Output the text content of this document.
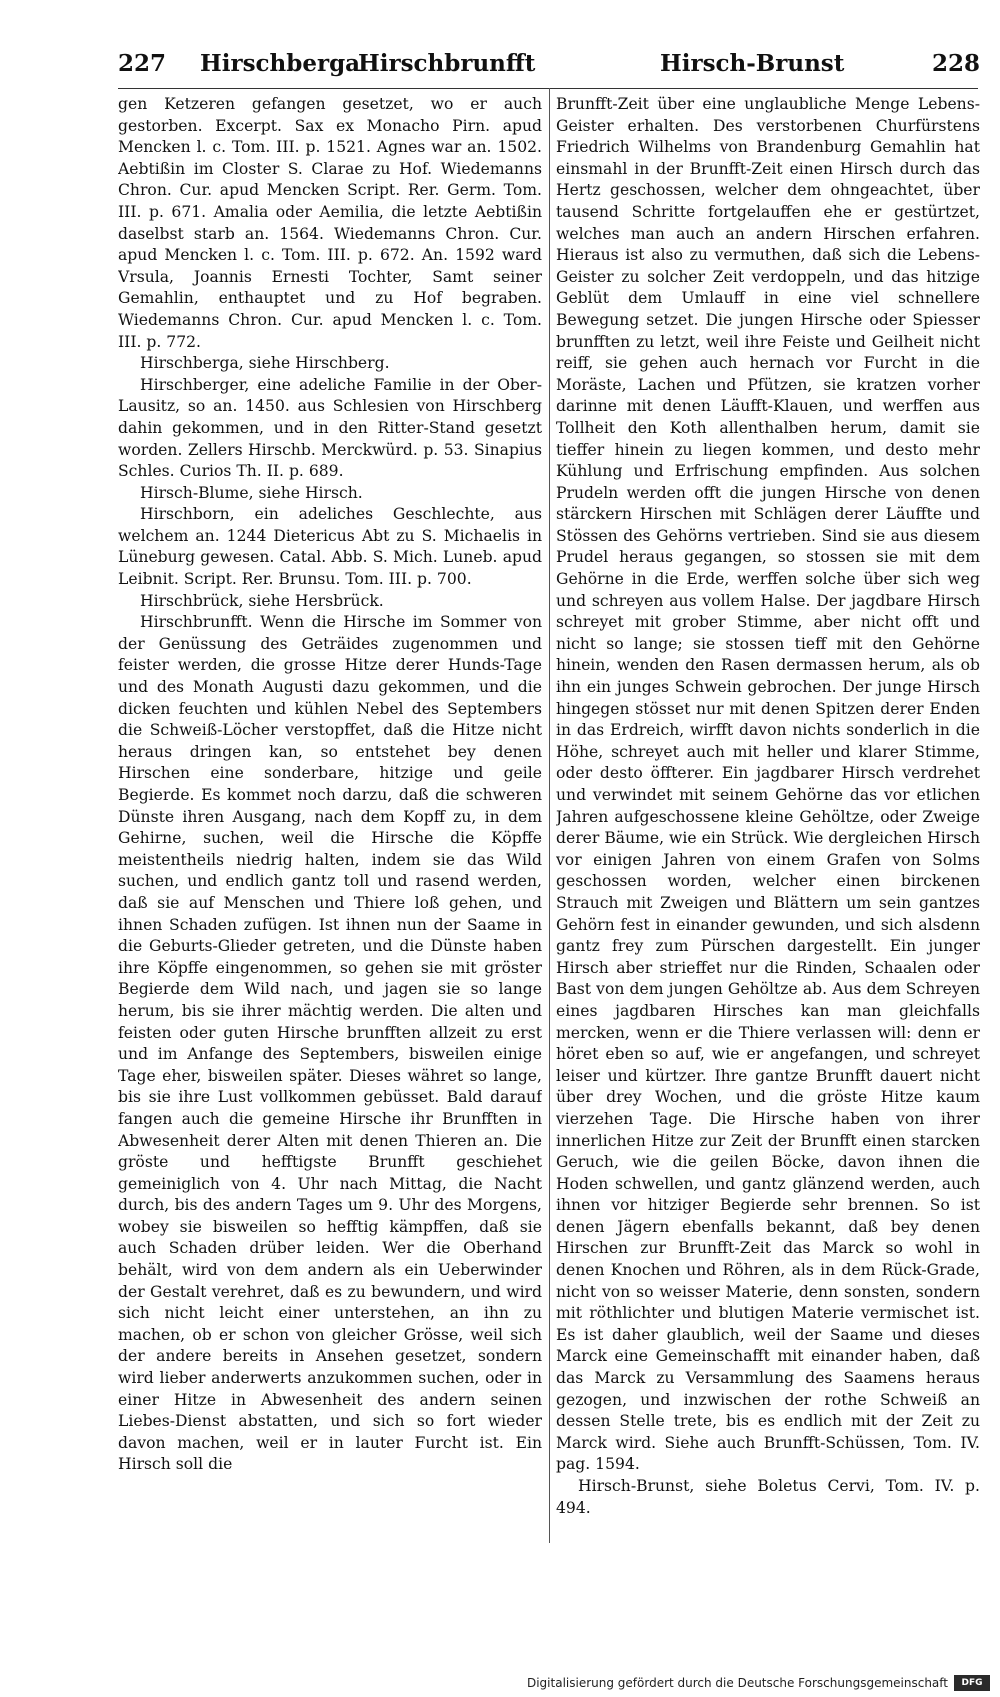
227 Hirschberga
Hirschbrunfft	Hirsch-Brunst	228

gen Ketzeren gefangen gesetzet, wo er auch gestorben. Excerpt. Sax ex Monacho Pirn. apud Mencken l. c. Tom. III. p. 1521. Agnes war an. 1502. Aebtißin im Closter S. Clarae zu Hof. Wiedemanns Chron. Cur. apud Mencken Script. Rer. Germ. Tom. III. p. 671. Amalia oder Aemilia, die letzte Aebtißin daselbst starb an. 1564. Wiedemanns Chron. Cur. apud Mencken l. c. Tom. III. p. 672. An. 1592 ward Vrsula, Joannis Ernesti Tochter, Samt seiner Gemahlin, enthauptet und zu Hof begraben. Wiedemanns Chron. Cur. apud Mencken l. c. Tom. III. p. 772.

Hirschberga, siehe Hirschberg.

Hirschberger, eine adeliche Familie in der Ober-Lausitz, so an. 1450. aus Schlesien von Hirschberg dahin gekommen, und in den Ritter-Stand gesetzt worden. Zellers Hirschb. Merckwürd. p. 53. Sinapius Schles. Curios Th. II. p. 689.

Hirsch-Blume, siehe Hirsch.

Hirschborn, ein adeliches Geschlechte, aus welchem an. 1244 Dietericus Abt zu S. Michaelis in Lüneburg gewesen. Catal. Abb. S. Mich. Luneb. apud Leibnit. Script. Rer. Brunsu. Tom. III. p. 700.

Hirschbrück, siehe Hersbrück.

Hirschbrunfft. Wenn die Hirsche im Sommer von der Genüssung des Geträides zugenommen und feister werden, die grosse Hitze derer Hunds-Tage und des Monath Augusti dazu gekommen, und die dicken feuchten und kühlen Nebel des Septembers die Schweiß-Löcher verstopffet, daß die Hitze nicht heraus dringen kan, so entstehet bey denen Hirschen eine sonderbare, hitzige und geile Begierde. Es kommet noch darzu, daß die schweren Dünste ihren Ausgang, nach dem Kopff zu, in dem Gehirne, suchen, weil die Hirsche die Köpffe meistentheils niedrig halten, indem sie das Wild suchen, und endlich gantz toll und rasend werden, daß sie auf Menschen und Thiere loß gehen, und ihnen Schaden zufügen. Ist ihnen nun der Saame in die Geburts-Glieder getreten, und die Dünste haben ihre Köpffe eingenommen, so gehen sie mit gröster Begierde dem Wild nach, und jagen sie so lange herum, bis sie ihrer mächtig werden. Die alten und feisten oder guten Hirsche brunfften allzeit zu erst und im Anfange des Septembers, bisweilen einige Tage eher, bisweilen später. Dieses währet so lange, bis sie ihre Lust vollkommen gebüsset. Bald darauf fangen auch die gemeine Hirsche ihr Brunfften in Abwesenheit derer Alten mit denen Thieren an. Die gröste und hefftigste Brunfft geschiehet gemeiniglich von 4. Uhr nach Mittag, die Nacht durch, bis des andern Tages um 9. Uhr des Morgens, wobey sie bisweilen so hefftig kämpffen, daß sie auch Schaden drüber leiden. Wer die Oberhand behält, wird von dem andern als ein Ueberwinder der Gestalt verehret, daß es zu bewundern, und wird sich nicht leicht einer unterstehen, an ihn zu machen, ob er schon von gleicher Grösse, weil sich der andere bereits in Ansehen gesetzet, sondern wird lieber anderwerts anzukommen suchen, oder in einer Hitze in Abwesenheit des andern seinen Liebes-Dienst abstatten, und sich so fort wieder davon machen, weil er in lauter Furcht ist. Ein Hirsch soll die

Brunfft-Zeit über eine unglaubliche Menge Lebens-Geister erhalten. Des verstorbenen Churfürstens Friedrich Wilhelms von Brandenburg Gemahlin hat einsmahl in der Brunfft-Zeit einen Hirsch durch das Hertz geschossen, welcher dem ohngeachtet, über tausend Schritte fortgelauffen ehe er gestürtzet, welches man auch an andern Hirschen erfahren. Hieraus ist also zu vermuthen, daß sich die Lebens-Geister zu solcher Zeit verdoppeln, und das hitzige Geblüt dem Umlauff in eine viel schnellere Bewegung setzet. Die jungen Hirsche oder Spiesser brunfften zu letzt, weil ihre Feiste und Geilheit nicht reiff, sie gehen auch hernach vor Furcht in die Moräste, Lachen und Pfützen, sie kratzen vorher darinne mit denen Läufft-Klauen, und werffen aus Tollheit den Koth allenthalben herum, damit sie tieffer hinein zu liegen kommen, und desto mehr Kühlung und Erfrischung empfinden. Aus solchen Prudeln werden offt die jungen Hirsche von denen stärckern Hirschen mit Schlägen derer Läuffte und Stössen des Gehörns vertrieben. Sind sie aus diesem Prudel heraus gegangen, so stossen sie mit dem Gehörne in die Erde, werffen solche über sich weg und schreyen aus vollem Halse. Der jagdbare Hirsch schreyet mit grober Stimme, aber nicht offt und nicht so lange; sie stossen tieff mit den Gehörne hinein, wenden den Rasen dermassen herum, als ob ihn ein junges Schwein gebrochen. Der junge Hirsch hingegen stösset nur mit denen Spitzen derer Enden in das Erdreich, wirfft davon nichts sonderlich in die Höhe, schreyet auch mit heller und klarer Stimme, oder desto öffterer. Ein jagdbarer Hirsch verdrehet und verwindet mit seinem Gehörne das vor etlichen Jahren aufgeschossene kleine Gehöltze, oder Zweige derer Bäume, wie ein Strück. Wie dergleichen Hirsch vor einigen Jahren von einem Grafen von Solms geschossen worden, welcher einen birckenen Strauch mit Zweigen und Blättern um sein gantzes Gehörn fest in einander gewunden, und sich alsdenn gantz frey zum Pürschen dargestellt. Ein junger Hirsch aber strieffet nur die Rinden, Schaalen oder Bast von dem jungen Gehöltze ab. Aus dem Schreyen eines jagdbaren Hirsches kan man gleichfalls mercken, wenn er die Thiere verlassen will: denn er höret eben so auf, wie er angefangen, und schreyet leiser und kürtzer. Ihre gantze Brunfft dauert nicht über drey Wochen, und die gröste Hitze kaum vierzehen Tage. Die Hirsche haben von ihrer innerlichen Hitze zur Zeit der Brunfft einen starcken Geruch, wie die geilen Böcke, davon ihnen die Hoden schwellen, und gantz glänzend werden, auch ihnen vor hitziger Begierde sehr brennen. So ist denen Jägern ebenfalls bekannt, daß bey denen Hirschen zur Brunfft-Zeit das Marck so wohl in denen Knochen und Röhren, als in dem Rück-Grade, nicht von so weisser Materie, denn sonsten, sondern mit röthlichter und blutigen Materie vermischet ist. Es ist daher glaublich, weil der Saame und dieses Marck eine Gemeinschafft mit einander haben, daß das Marck zu Versammlung des Saamens heraus gezogen, und inzwischen der rothe Schweiß an dessen Stelle trete, bis es endlich mit der Zeit zu Marck wird. Siehe auch Brunfft-Schüssen, Tom. IV. pag. 1594.

Hirsch-Brunst, siehe Boletus Cervi, Tom. IV. p. 494.

Digitalisierung gefördert durch die Deutsche Forschungsgemeinschaft	DFG
